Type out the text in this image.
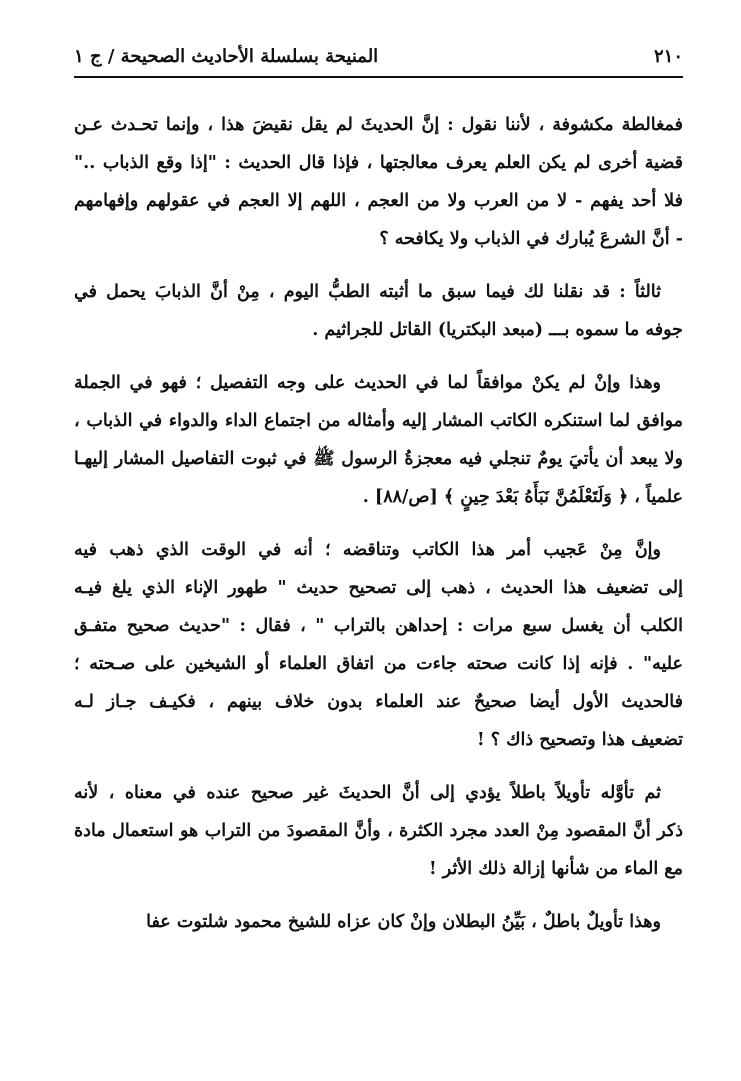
٢١٠
المنيحة بسلسلة الأحاديث الصحيحة / ج ١
فمغالطة مكشوفة ، لأننا نقول : إنَّ الحديثَ لم يقل نقيضَ هذا ، وإنما تحـدث عـن
قضية أخرى لم يكن العلم يعرف معالجتها ، فإذا قال الحديث : "إذا وقع الذباب .."
فلا أحد يفهم - لا من العرب ولا من العجم ، اللهم إلا العجم في عقولهم وإفهامهم
- أنَّ الشرعَ يُبارك في الذباب ولا يكافحه ؟
ثالثاً : قد نقلنا لك فيما سبق ما أثبته الطبُّ اليوم ، مِنْ أنَّ الذبابَ يحمل في
جوفه ما سموه بـــ (مبعد البكتريا) القاتل للجراثيم .
وهذا وإنْ لم يكنْ موافقاً لما في الحديث على وجه التفصيل ؛ فهو في الجملة
موافق لما استنكره الكاتب المشار إليه وأمثاله من اجتماع الداء والدواء في الذباب ،
ولا يبعد أن يأتيَ يومٌ تنجلي فيه معجزةُ الرسول ﷺ في ثبوت التفاصيل المشار إليهـا
علمياً ، ﴿ وَلَتَعْلَمُنَّ نَبَأَهُ بَعْدَ حِينٍ ﴾ [ص/٨٨] .
وإنَّ مِنْ عَجيب أمر هذا الكاتب وتناقضه ؛ أنه في الوقت الذي ذهب فيه
إلى تضعيف هذا الحديث ، ذهب إلى تصحيح حديث " طهور الإناء الذي يلغ فيـه
الكلب أن يغسل سبع مرات : إحداهن بالتراب " ، فقال : "حديث صحيح متفـق
عليه" . فإنه إذا كانت صحته جاءت من اتفاق العلماء أو الشيخين على صـحته ؛
فالحديث الأول أيضا صحيحٌ عند العلماء بدون خلاف بينهم ، فكيـف جـاز لـه
تضعيف هذا وتصحيح ذاك ؟ !
ثم تأوَّله تأويلاً باطلاً يؤدي إلى أنَّ الحديثَ غير صحيح عنده في معناه ، لأنه
ذكر أنَّ المقصود مِنْ العدد مجرد الكثرة ، وأنَّ المقصودَ من التراب هو استعمال مادة
مع الماء من شأنها إزالة ذلك الأثر !
وهذا تأويلٌ باطلٌ ، بَيِّنُ البطلان وإنْ كان عزاه للشيخ محمود شلتوت عفا
